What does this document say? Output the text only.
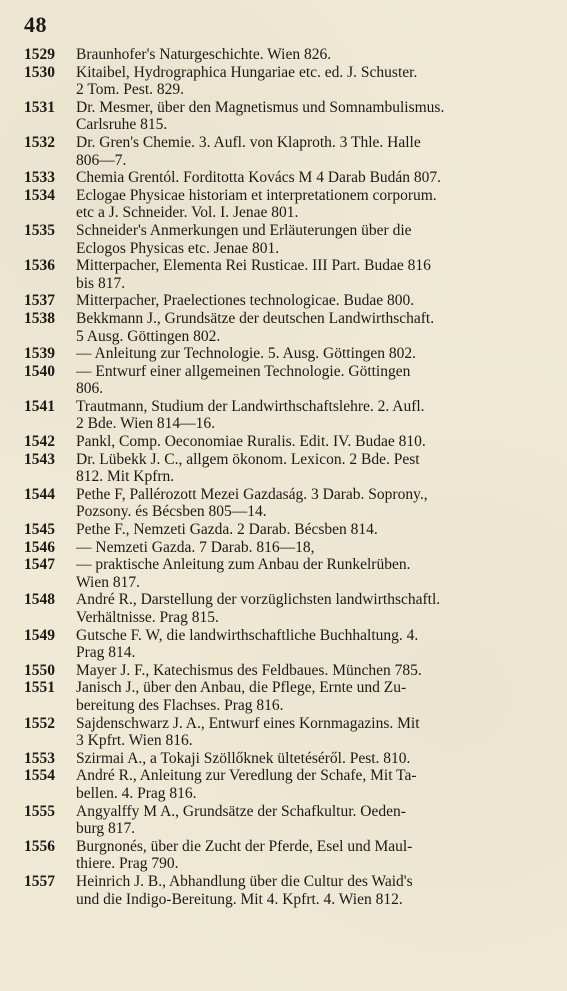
48
1529	Braunhofer's Naturgeschichte. Wien 826.
1530	Kitaibel, Hydrographica Hungariae etc. ed. J. Schuster.
2 Tom. Pest. 829.
1531	Dr. Mesmer, über den Magnetismus und Somnambulismus.
Carlsruhe 815.
1532	Dr. Gren's Chemie. 3. Aufl. von Klaproth. 3 Thle. Halle
806—7.
1533	Chemia Grentól. Forditotta Kovács M 4 Darab Budán 807.
1534	Eclogae Physicae historiam et interpretationem corporum.
etc a J. Schneider. Vol. I. Jenae 801.
1535	Schneider's Anmerkungen und Erläuterungen über die
Eclogos Physicas etc. Jenae 801.
1536	Mitterpacher, Elementa Rei Rusticae. III Part. Budae 816
bis 817.
1537	Mitterpacher, Praelectiones technologicae. Budae 800.
1538	Bekkmann J., Grundsätze der deutschen Landwirthschaft.
5 Ausg. Göttingen 802.
1539	— Anleitung zur Technologie. 5. Ausg. Göttingen 802.
1540	— Entwurf einer allgemeinen Technologie. Göttingen
806.
1541	Trautmann, Studium der Landwirthschaftslehre. 2. Aufl.
2 Bde. Wien 814—16.
1542	Pankl, Comp. Oeconomiae Ruralis. Edit. IV. Budae 810.
1543	Dr. Lübekk J. C., allgem ökonom. Lexicon. 2 Bde. Pest
812. Mit Kpfrn.
1544	Pethe F, Pallérozott Mezei Gazdaság. 3 Darab. Soprony.,
Pozsony. és Bécsben 805—14.
1545	Pethe F., Nemzeti Gazda. 2 Darab. Bécsben 814.
1546	— Nemzeti Gazda. 7 Darab. 816—18,
1547	— praktische Anleitung zum Anbau der Runkelrüben.
Wien 817.
1548	André R., Darstellung der vorzüglichsten landwirthschaftl.
Verhältnisse. Prag 815.
1549	Gutsche F. W, die landwirthschaftliche Buchhaltung. 4.
Prag 814.
1550	Mayer J. F., Katechismus des Feldbaues. München 785.
1551	Janisch J., über den Anbau, die Pflege, Ernte und Zu-
bereitung des Flachses. Prag 816.
1552	Sajdenschwarz J. A., Entwurf eines Kornmagazins. Mit
3 Kpfrt. Wien 816.
1553	Szirmai A., a Tokaji Szöllőknek ültetéséről. Pest. 810.
1554	André R., Anleitung zur Veredlung der Schafe, Mit Ta-
bellen. 4. Prag 816.
1555	Angyalffy M A., Grundsätze der Schafkultur. Oeden-
burg 817.
1556	Burgnonés, über die Zucht der Pferde, Esel und Maul-
thiere. Prag 790.
1557	Heinrich J. B., Abhandlung über die Cultur des Waid's
und die Indigo-Bereitung. Mit 4. Kpfrt. 4. Wien 812.
